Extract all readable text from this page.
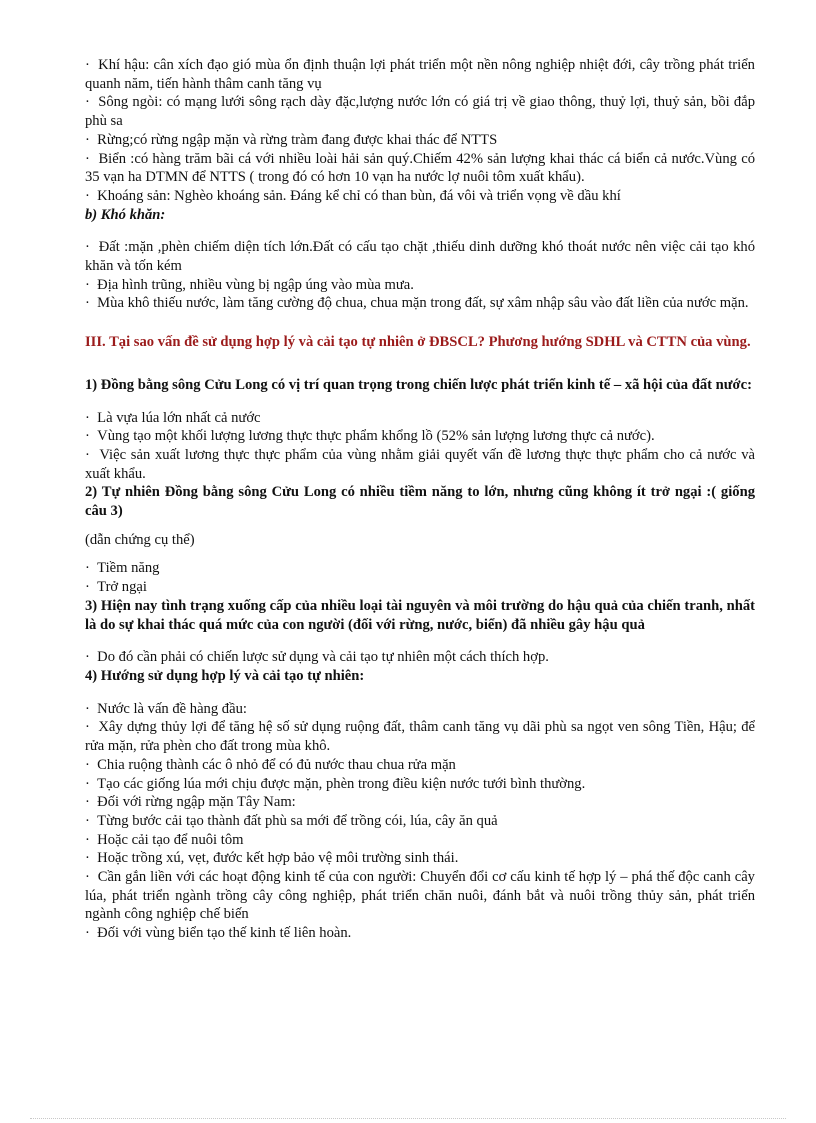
·  Khí hậu: cân xích đạo gió mùa ổn định thuận lợi phát triển một nền nông nghiệp nhiệt đới, cây trồng phát triển quanh năm, tiến hành thâm canh tăng vụ

·  Sông ngòi: có mạng lưới sông rạch dày đặc,lượng nước lớn có giá trị về giao thông, thuỷ lợi, thuỷ sản, bồi đắp phù sa

·  Rừng;có rừng ngập mặn và rừng tràm đang được khai thác để NTTS

·  Biển :có hàng trăm bãi cá với nhiều loài hải sản quý.Chiếm 42% sản lượng khai thác cá biển cả nước.Vùng có 35 vạn ha DTMN để NTTS ( trong đó có hơn 10 vạn ha nước lợ nuôi tôm xuất khẩu).

·  Khoáng sản: Nghèo khoáng sản. Đáng kể chỉ có than bùn, đá vôi và triển vọng về dầu khí

b) Khó khăn:

·  Đất :mặn ,phèn chiếm diện tích lớn.Đất có cấu tạo chặt ,thiếu dinh dưỡng khó thoát nước nên việc cải tạo khó khăn và tốn kém

·  Địa hình trũng, nhiều vùng bị ngập úng vào mùa mưa.

·  Mùa khô thiếu nước, làm tăng cường độ chua, chua mặn trong đất, sự xâm nhập sâu vào đất liền của nước mặn.

III. Tại sao vấn đề sử dụng hợp lý và cải tạo tự nhiên ở ĐBSCL? Phương hướng SDHL và CTTN của vùng.

1) Đồng bằng sông Cửu Long có vị trí quan trọng trong chiến lược phát triển kinh tế – xã hội của đất nước:

·  Là vựa lúa lớn nhất cả nước

·  Vùng tạo một khối lượng lương thực thực phẩm khổng lồ (52% sản lượng lương thực cả nước).

·  Việc sản xuất lương thực thực phẩm của vùng nhằm giải quyết vấn đề lương thực thực phẩm cho cả nước và xuất khẩu.

2) Tự nhiên Đồng bằng sông Cửu Long có nhiều tiềm năng to lớn, nhưng cũng không ít trở ngại :( giống câu 3)

(dẫn chứng cụ thể)

·  Tiềm năng

·  Trở ngại

3) Hiện nay tình trạng xuống cấp của nhiều loại tài nguyên và môi trường do hậu quả của chiến tranh, nhất là do sự khai thác quá mức của con người (đối với rừng, nước, biển) đã nhiều gây hậu quả

·  Do đó cần phải có chiến lược sử dụng và cải tạo tự nhiên một cách thích hợp.

4) Hướng sử dụng hợp lý và cải tạo tự nhiên:

·  Nước là vấn đề hàng đầu:

·  Xây dựng thủy lợi để tăng hệ số sử dụng ruộng đất, thâm canh tăng vụ dãi phù sa ngọt ven sông Tiền, Hậu; để rửa mặn, rửa phèn cho đất trong mùa khô.

·  Chia ruộng thành các ô nhỏ để có đủ nước thau chua rửa mặn

·  Tạo các giống lúa mới chịu được mặn, phèn trong điều kiện nước tưới bình thường.

·  Đối với rừng ngập mặn Tây Nam:

·  Từng bước cải tạo thành đất phù sa mới để trồng cói, lúa, cây ăn quả

·  Hoặc cải tạo để nuôi tôm

·  Hoặc trồng xú, vẹt, đước kết hợp bảo vệ môi trường sinh thái.

·  Cần gắn liền với các hoạt động kinh tế của con người: Chuyển đổi cơ cấu kinh tế hợp lý – phá thế độc canh cây lúa, phát triển ngành trồng cây công nghiệp, phát triển chăn nuôi, đánh bắt và nuôi trồng thủy sản, phát triển ngành công nghiệp chế biến

·  Đối với vùng biển tạo thế kinh tế liên hoàn.
